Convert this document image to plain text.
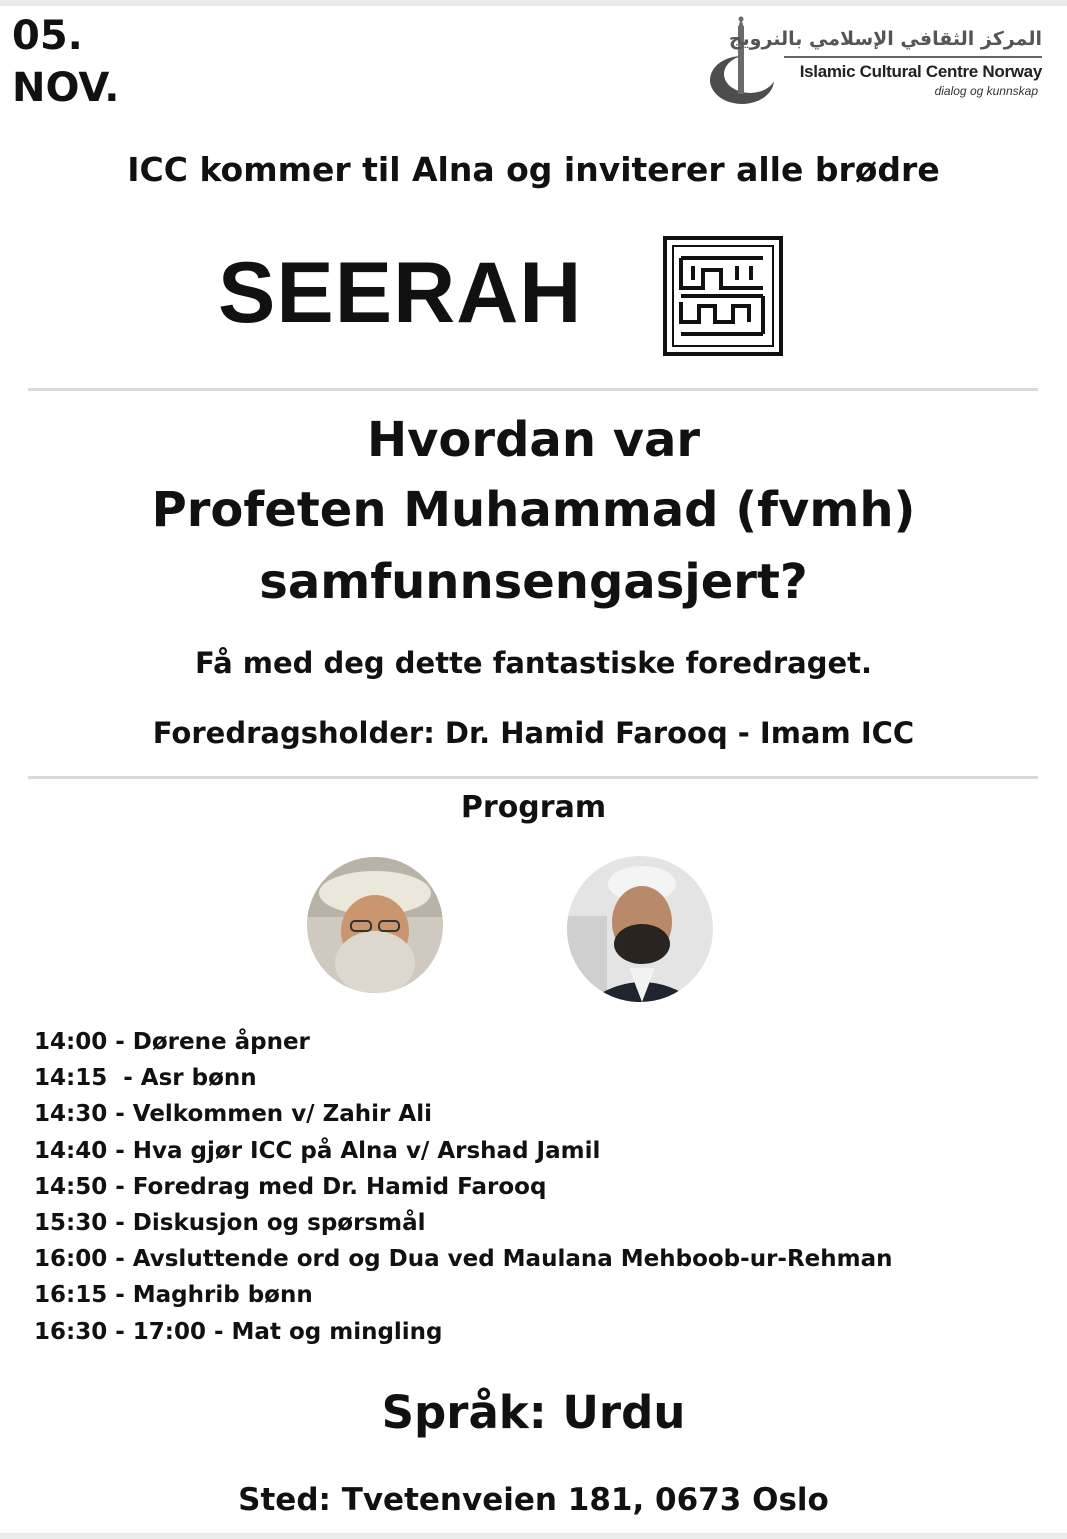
05.
NOV.
المركز الثقافي الإسلامي بالنرويج
Islamic Cultural Centre Norway
dialog og kunnskap
ICC kommer til Alna og inviterer alle brødre
SEERAH
Hvordan var
Profeten Muhammad (fvmh)
samfunnsengasjert?
Få med deg dette fantastiske foredraget.
Foredragsholder: Dr. Hamid Farooq - Imam ICC
Program
14:00 - Dørene åpner
14:15  - Asr bønn
14:30 - Velkommen v/ Zahir Ali
14:40 - Hva gjør ICC på Alna v/ Arshad Jamil
14:50 - Foredrag med Dr. Hamid Farooq
15:30 - Diskusjon og spørsmål
16:00 - Avsluttende ord og Dua ved Maulana Mehboob-ur-Rehman
16:15 - Maghrib bønn
16:30 - 17:00 - Mat og mingling
Språk: Urdu
Sted: Tvetenveien 181, 0673 Oslo
